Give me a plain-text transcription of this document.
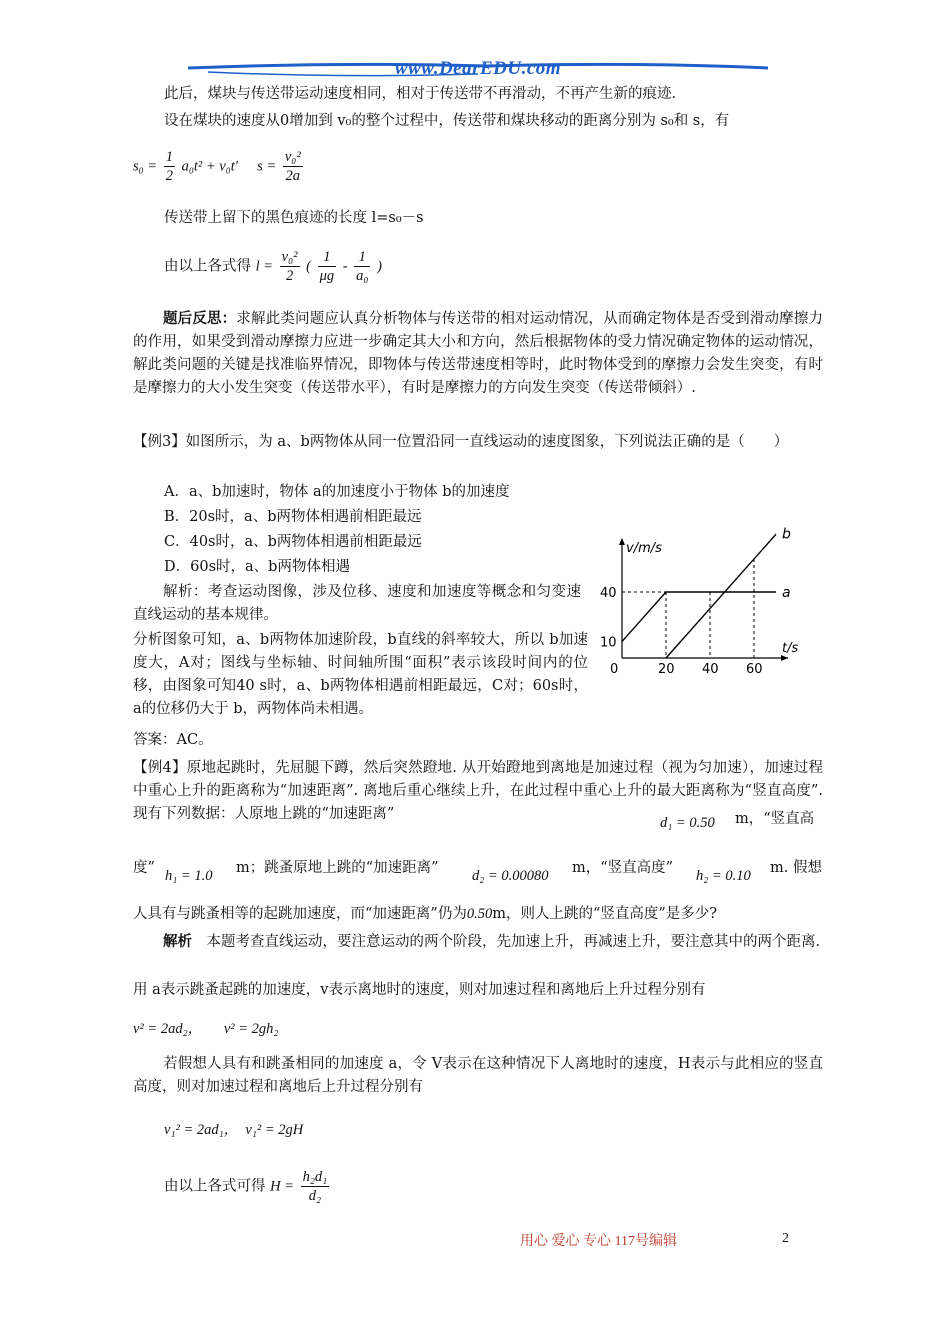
www.DearEDU.com
此后，煤块与传送带运动速度相同，相对于传送带不再滑动，不再产生新的痕迹.
设在煤块的速度从0增加到 v₀的整个过程中，传送带和煤块移动的距离分别为 s₀和 s，有
$s_0 = \frac{1}{2} a_0t^2 + v_0t'$ $s = \frac{\text{v₀²}}{2a}$
传送带上留下的黑色痕迹的长度 l=s₀－s
由以上各式得 $l = \frac{\text{v₀²}}{2}$ ( $\frac{1}{\mu g} - \frac{1}{\text{a₀}}$ )
题后反思：求解此类问题应认真分析物体与传送带的相对运动情况，从而确定物体是否受到滑动摩擦力的作用，如果受到滑动摩擦力应进一步确定其大小和方向，然后根据物体的受力情况确定物体的运动情况，解此类问题的关键是找准临界情况，即物体与传送带速度相等时，此时物体受到的摩擦力会发生突变，有时是摩擦力的大小发生突变（传送带水平），有时是摩擦力的方向发生突变（传送带倾斜）.
【例3】如图所示，为 a、b两物体从同一位置沿同一直线运动的速度图象，下列说法正确的是（　　）
A．a、b加速时，物体 a的加速度小于物体 b的加速度
B．20s时，a、b两物体相遇前相距最远
C．40s时，a、b两物体相遇前相距最远
D．60s时，a、b两物体相遇
解析：考查运动图像，涉及位移、速度和加速度等概念和匀变速直线运动的基本规律。
分析图象可知，a、b两物体加速阶段，b直线的斜率较大，所以 b加速度大，A对；图线与坐标轴、时间轴所围“面积”表示该段时间内的位移，由图象可知40 s时，a、b两物体相遇前相距最远，C对；60s时，a的位移仍大于 b，两物体尚未相遇。
答案：AC。
v/m/s
t/s
0	20 40 60
10
40	a
b
【例4】原地起跳时，先屈腿下蹲，然后突然蹬地. 从开始蹬地到离地是加速过程（视为匀加速），加速过程中重心上升的距离称为“加速距离”. 离地后重心继续上升，在此过程中重心上升的最大距离称为“竖直高度”. 现有下列数据：人原地上跳的“加速距离”
d₁ = 0.50 m，“竖直高
度” h₁ = 1.0 m；跳蚤原地上跳的“加速距离” d₂ = 0.00080 m，“竖直高度” h₂ = 0.10 m. 假想
人具有与跳蚤相等的起跳加速度，而“加速距离”仍为0.50m，则人上跳的“竖直高度”是多少?
解析　 本题考查直线运动，要注意运动的两个阶段，先加速上升，再减速上升，要注意其中的两个距离.
用 a表示跳蚤起跳的加速度，v表示离地时的速度，则对加速过程和离地后上升过程分别有
v² = 2ad₂，　　v² = 2gh₂
若假想人具有和跳蚤相同的加速度 a，令 V表示在这种情况下人离地时的速度，H表示与此相应的竖直高度，则对加速过程和离地后上升过程分别有
v₁² = 2ad₁，　v₁² = 2gH
由以上各式可得 $H = \frac{\text{h₂d₁}}{\text{d₂}}$
用心 爱心 专心 117号编辑	2
